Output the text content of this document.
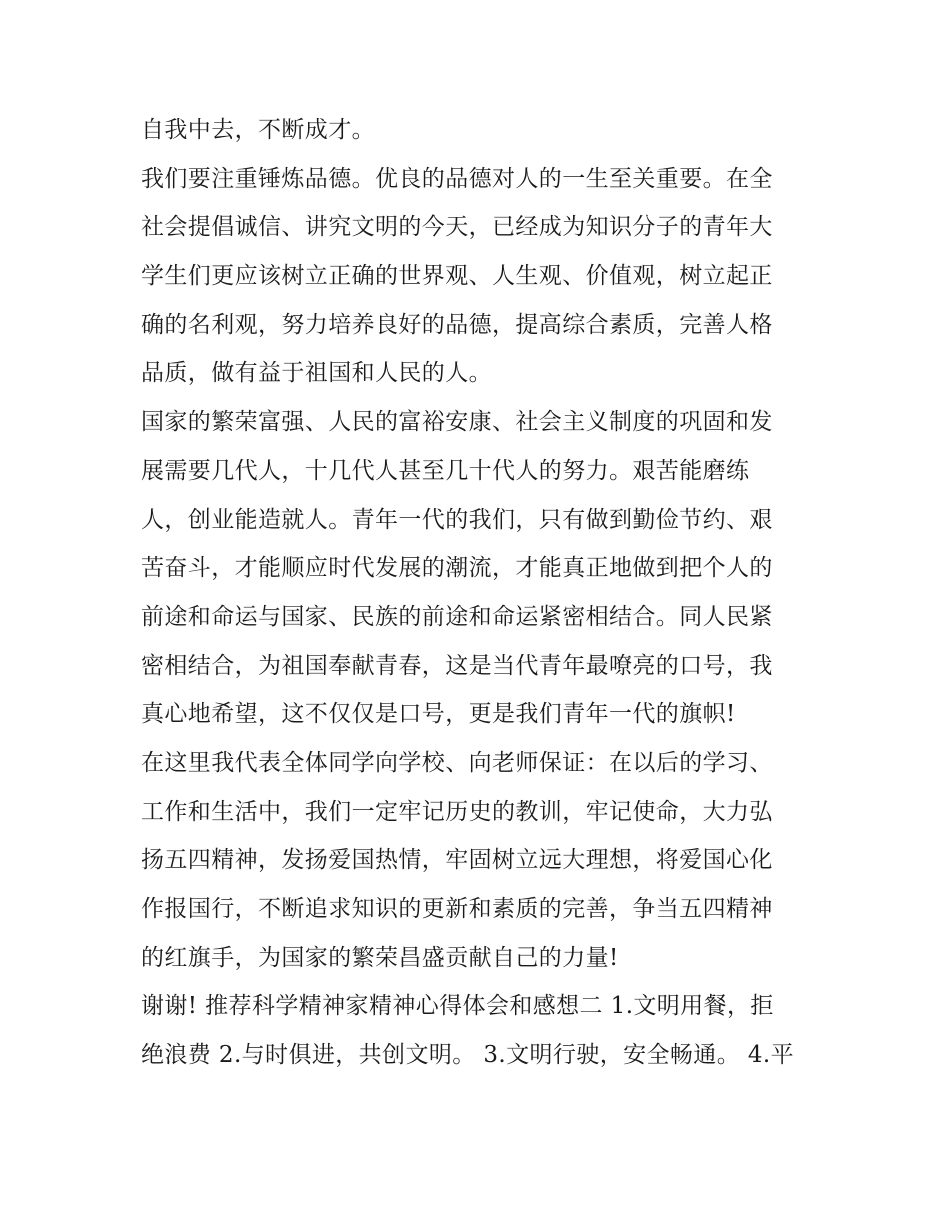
自我中去，不断成才。
我们要注重锤炼品德。优良的品德对人的一生至关重要。在全
社会提倡诚信、讲究文明的今天，已经成为知识分子的青年大
学生们更应该树立正确的世界观、人生观、价值观，树立起正
确的名利观，努力培养良好的品德，提高综合素质，完善人格
品质，做有益于祖国和人民的人。
国家的繁荣富强、人民的富裕安康、社会主义制度的巩固和发
展需要几代人，十几代人甚至几十代人的努力。艰苦能磨练
人，创业能造就人。青年一代的我们，只有做到勤俭节约、艰
苦奋斗，才能顺应时代发展的潮流，才能真正地做到把个人的
前途和命运与国家、民族的前途和命运紧密相结合。同人民紧
密相结合，为祖国奉献青春，这是当代青年最嘹亮的口号，我
真心地希望，这不仅仅是口号，更是我们青年一代的旗帜!
在这里我代表全体同学向学校、向老师保证：在以后的学习、
工作和生活中，我们一定牢记历史的教训，牢记使命，大力弘
扬五四精神，发扬爱国热情，牢固树立远大理想，将爱国心化
作报国行，不断追求知识的更新和素质的完善，争当五四精神
的红旗手，为国家的繁荣昌盛贡献自己的力量!
谢谢! 推荐科学精神家精神心得体会和感想二 1.文明用餐，拒
绝浪费 2.与时俱进，共创文明。 3.文明行驶，安全畅通。 4.平
